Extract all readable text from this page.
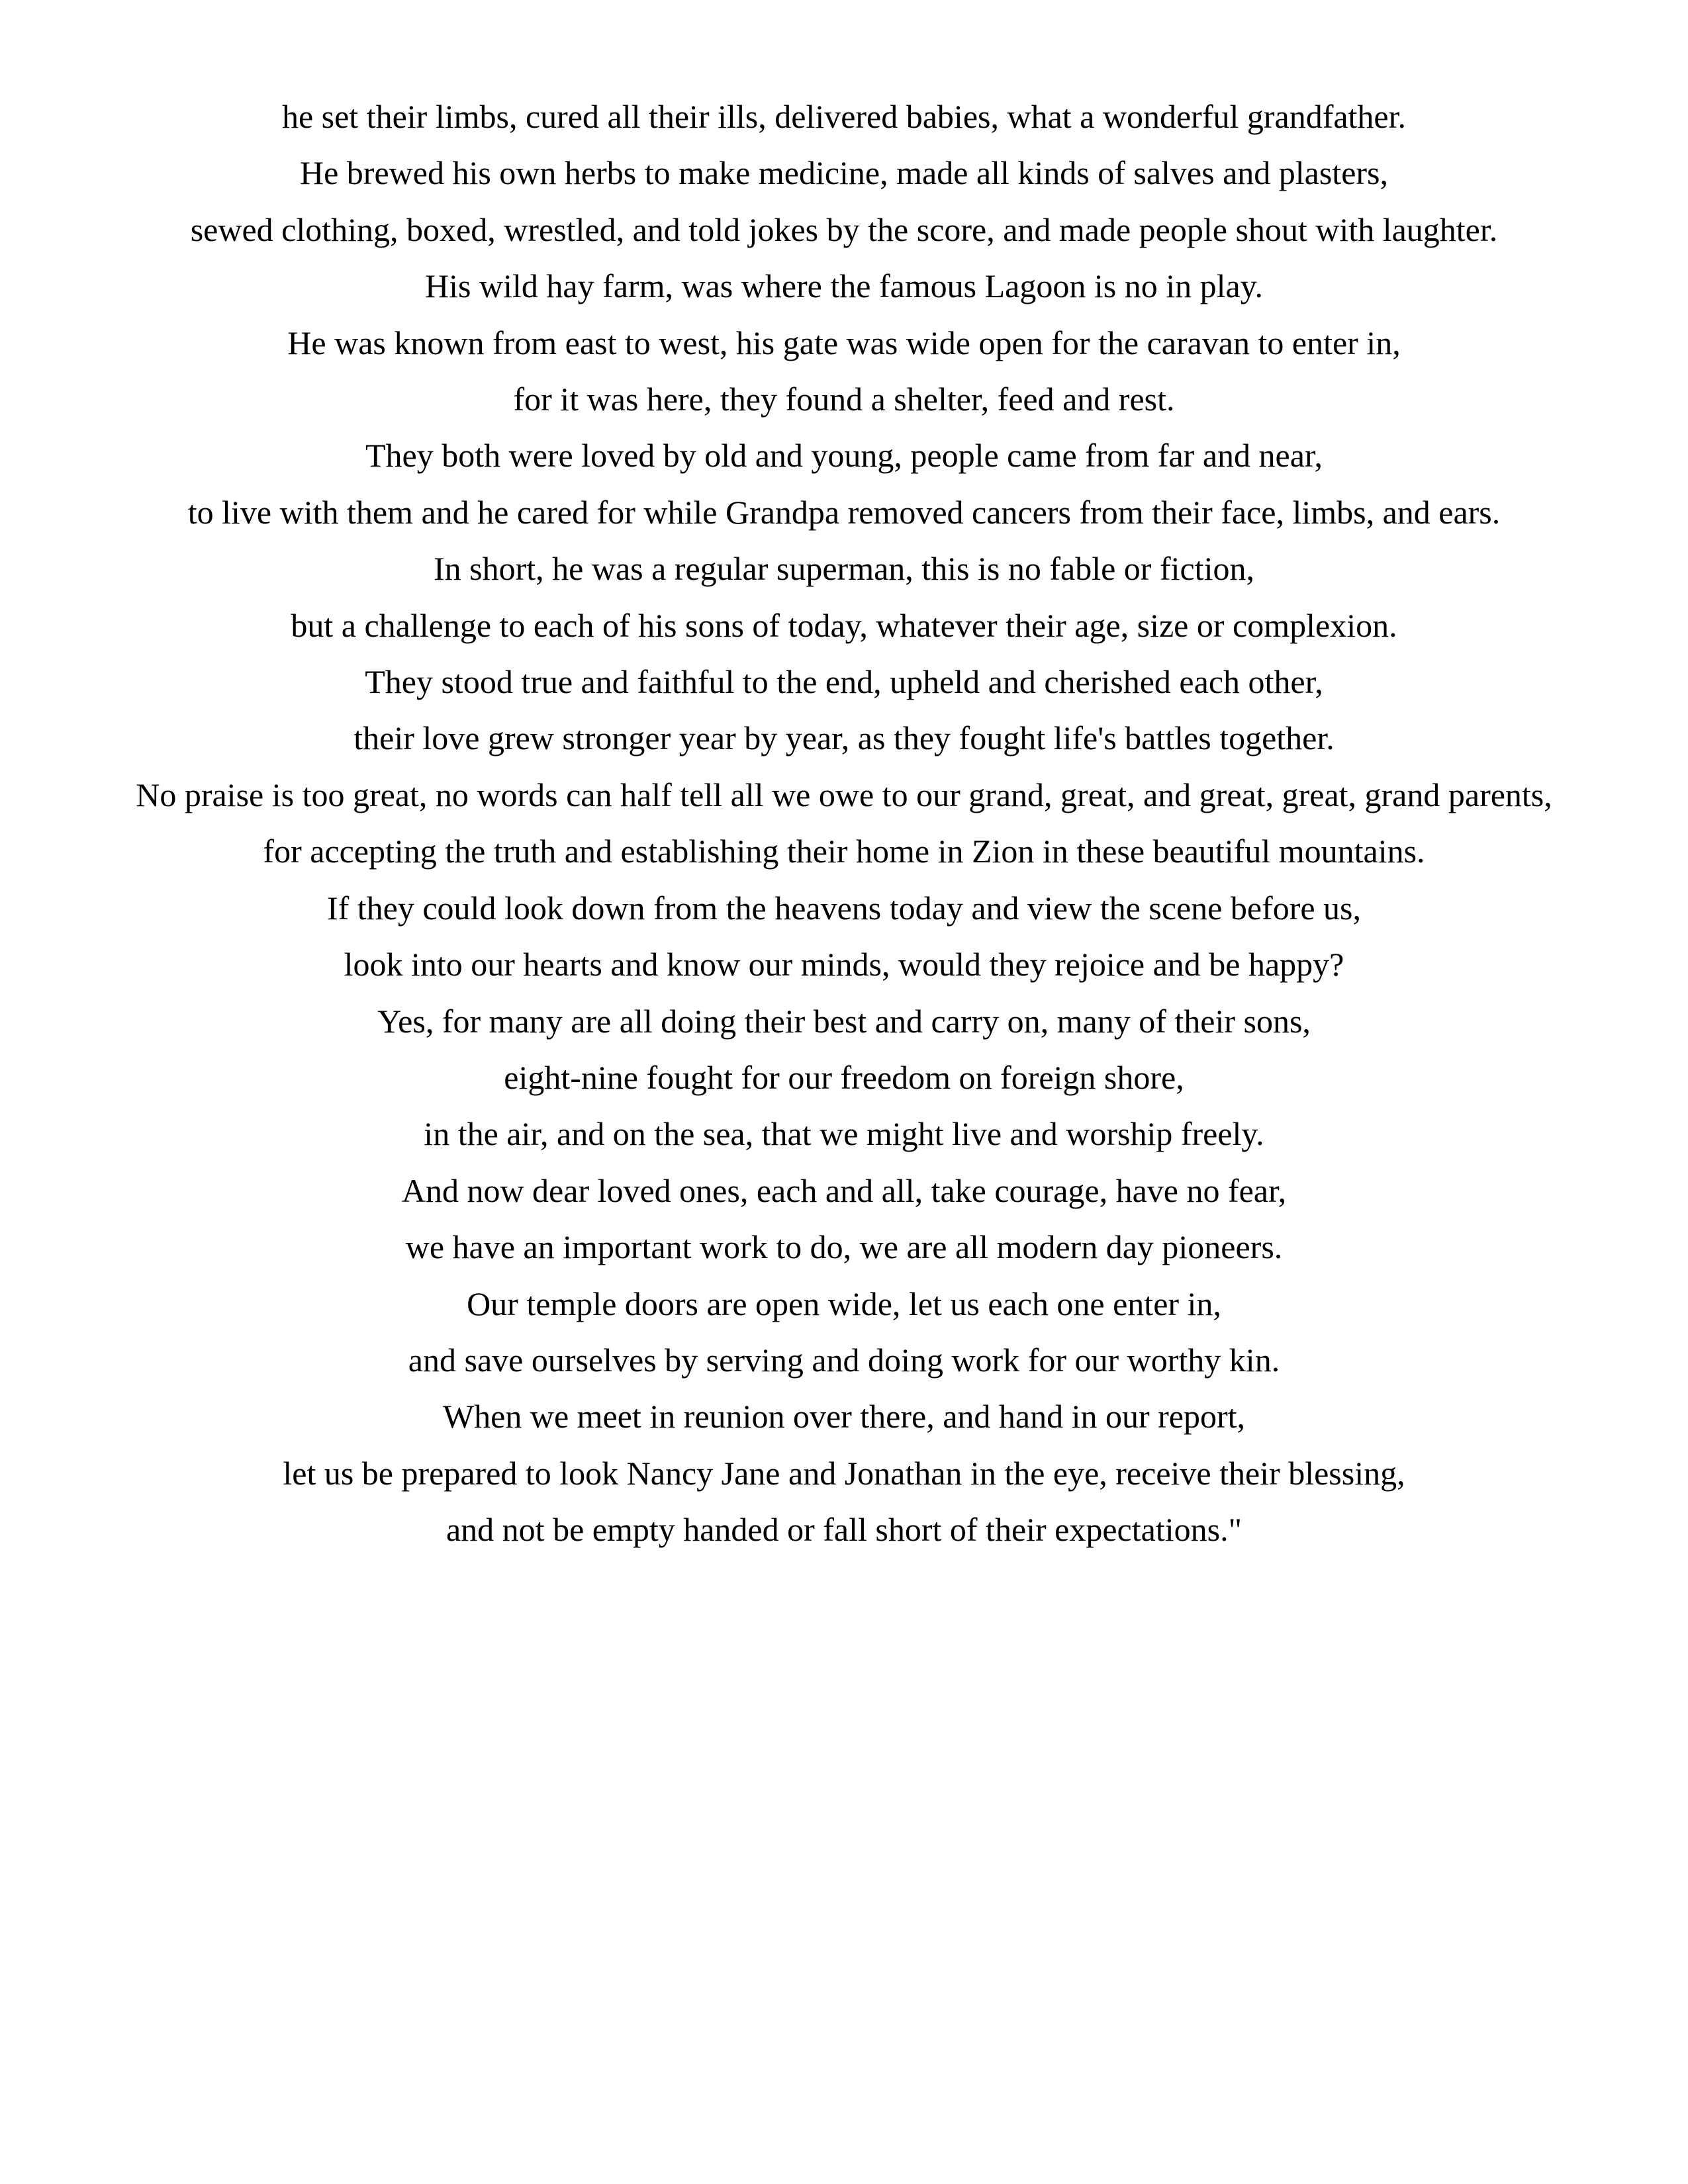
he set their limbs, cured all their ills, delivered babies, what a wonderful grandfather.
He brewed his own herbs to make medicine, made all kinds of salves and plasters,
sewed clothing, boxed, wrestled, and told jokes by the score, and made people shout with laughter.
His wild hay farm, was where the famous Lagoon is no in play.
He was known from east to west, his gate was wide open for the caravan to enter in,
for it was here, they found a shelter, feed and rest.
They both were loved by old and young, people came from far and near,
to live with them and he cared for while Grandpa removed cancers from their face, limbs, and ears.
In short, he was a regular superman, this is no fable or fiction,
but a challenge to each of his sons of today, whatever their age, size or complexion.
They stood true and faithful to the end, upheld and cherished each other,
their love grew stronger year by year, as they fought life's battles together.
No praise is too great, no words can half tell all we owe to our grand, great, and great, great, grand parents,
for accepting the truth and establishing their home in Zion in these beautiful mountains.
If they could look down from the heavens today and view the scene before us,
look into our hearts and know our minds, would they rejoice and be happy?
Yes, for many are all doing their best and carry on, many of their sons,
eight-nine fought for our freedom on foreign shore,
in the air, and on the sea, that we might live and worship freely.
And now dear loved ones, each and all, take courage, have no fear,
we have an important work to do, we are all modern day pioneers.
Our temple doors are open wide, let us each one enter in,
and save ourselves by serving and doing work for our worthy kin.
When we meet in reunion over there, and hand in our report,
let us be prepared to look Nancy Jane and Jonathan in the eye, receive their blessing,
and not be empty handed or fall short of their expectations."
